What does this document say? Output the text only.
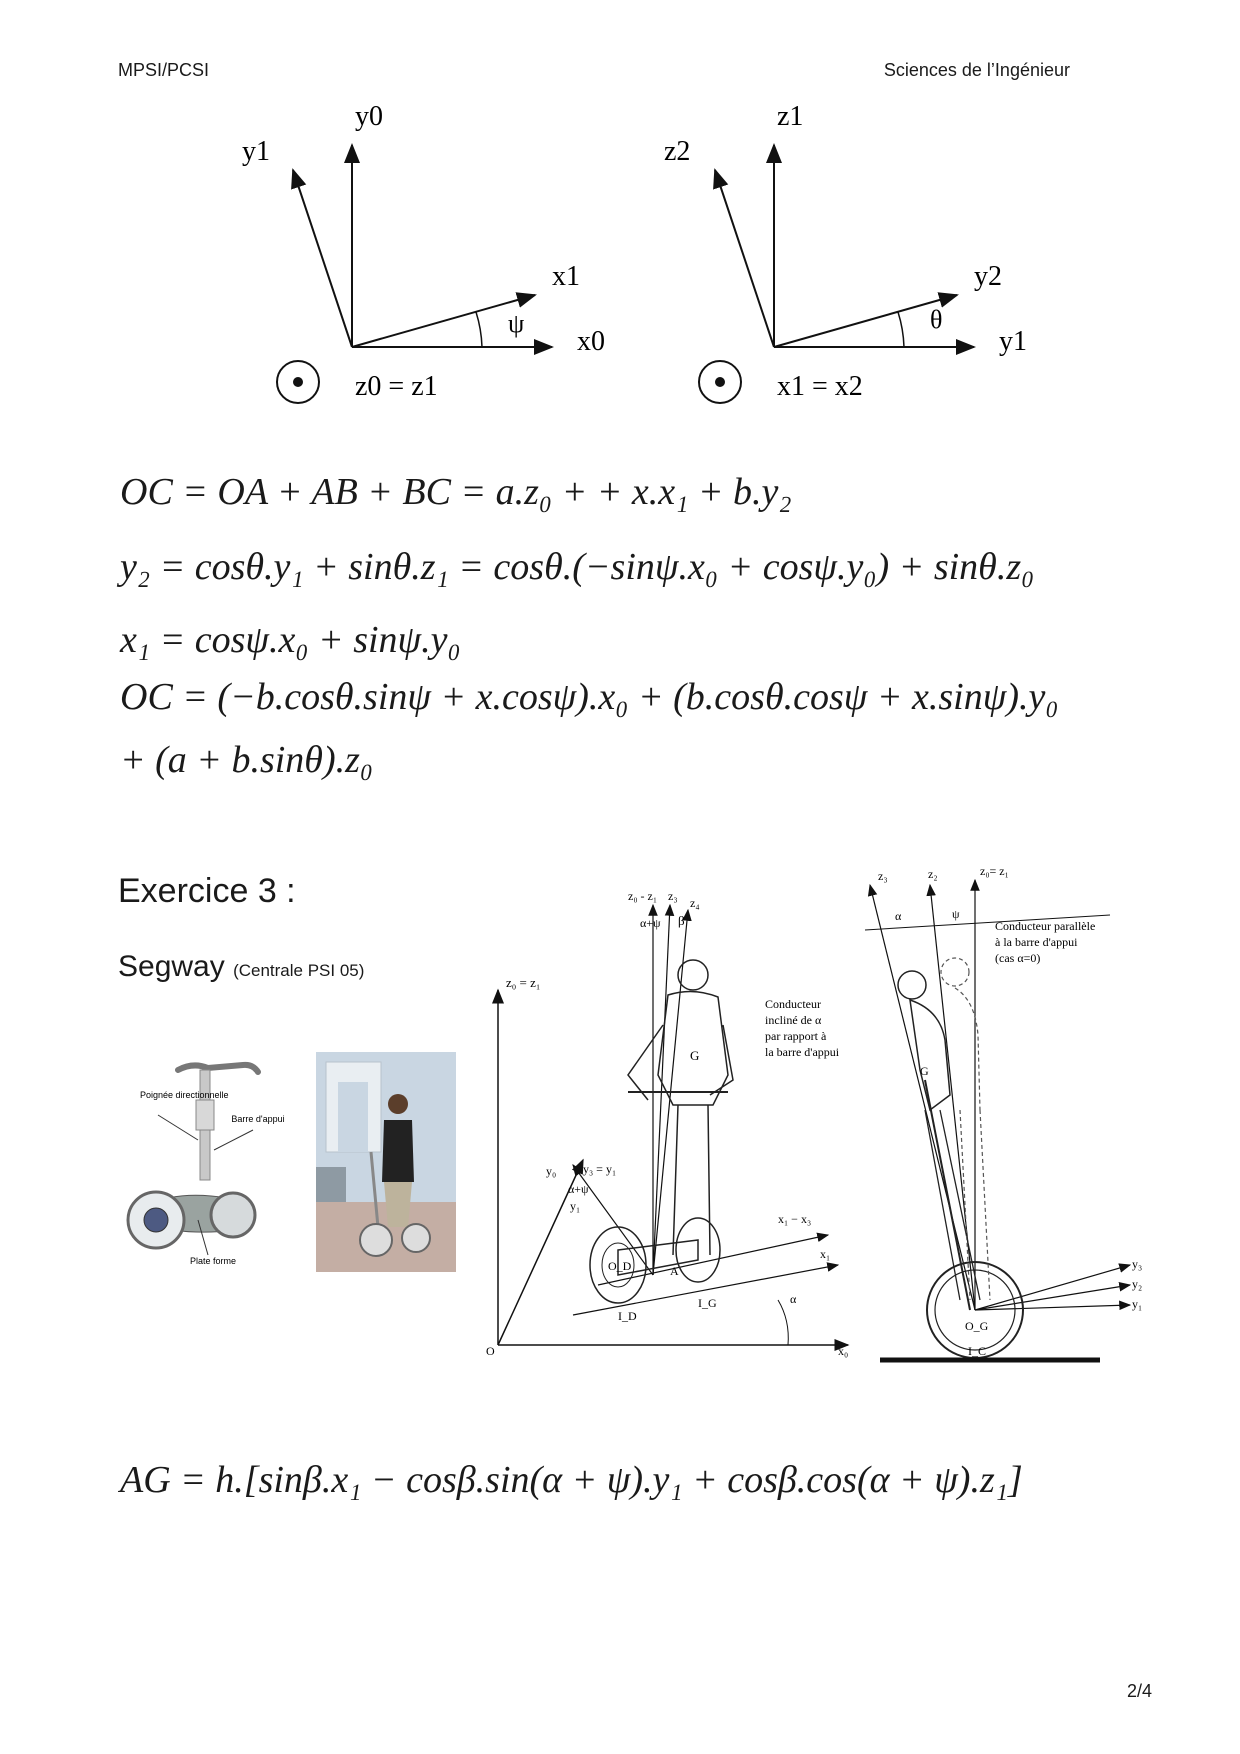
MPSI/PCSI	Sciences de l’Ingénieur
y0
y1
x1
x0
ψ
z0 = z1
z1
z2
y2
y1
θ
x1 = x2
OC = OA + AB + BC = a.z₀ + + x.x₁ + b.y₂
y₂ = cosθ.y₁ + sinθ.z₁ = cosθ.(−sinψ.x₀ + cosψ.y₀) + sinθ.z₀
x₁ = cosψ.x₀ + sinψ.y₀
OC = (−b.cosθ.sinψ + x.cosψ).x₀ + (b.cosθ.cosψ + x.sinψ).y₀
+ (a + b.sinθ).z₀
Exercice 3 :
Segway (Centrale PSI 05)
Poignée directionnelle
Barre d'appui
Plate forme
z₀ = z₁
z₀ - z₁ z₃ z₄
α+ψ β
G
y₀ y₃ = y₁
α+ψ
y₁
x₁ − x₃
x₁
O_D	A
I_D
I_G	α
O	x₀
z₃	z₂	z₀= z₁
α	ψ
Conducteur parallèle
à la barre d'appui
(cas α=0)
Conducteur
incliné de α
par rapport à
la barre d'appui
G
y₃
y₂
y₁
O_G
I_C
AG = h.[sinβ.x₁ − cosβ.sin(α + ψ).y₁ + cosβ.cos(α + ψ).z₁]
2/4
